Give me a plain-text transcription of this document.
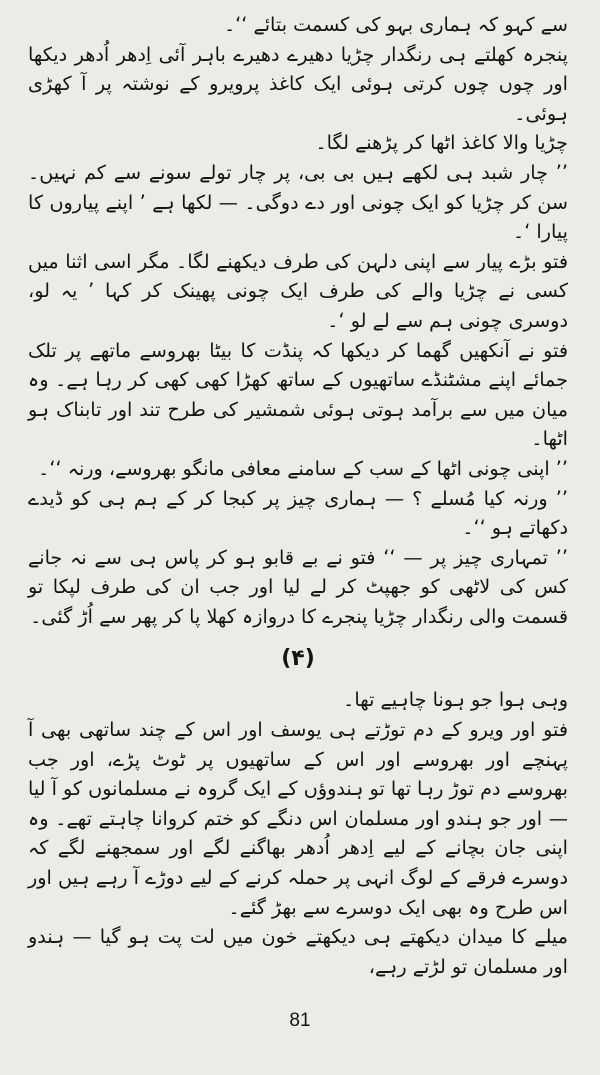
سے کہو کہ ہماری بہو کی کسمت بتائے ‘‘۔

پنجرہ کھلتے ہی رنگدار چڑیا دھیرے دھیرے باہر آئی اِدھر اُدھر دیکھا اور چوں چوں کرتی ہوئی ایک کاغذ پرویرو کے نوشتہ پر آ کھڑی ہوئی۔

چڑیا والا کاغذ اٹھا کر پڑھنے لگا۔

’’ چار شبد ہی لکھے ہیں بی بی، پر چار تولے سونے سے کم نہیں۔ سن کر چڑیا کو ایک چونی اور دے دوگی۔ — لکھا ہے ’ اپنے پیاروں کا پیارا ‘۔

فتو بڑے پیار سے اپنی دلہن کی طرف دیکھنے لگا۔ مگر اسی اثنا میں کسی نے چڑیا والے کی طرف ایک چونی پھینک کر کہا ’ یہ لو، دوسری چونی ہم سے لے لو ‘۔

فتو نے آنکھیں گھما کر دیکھا کہ پنڈت کا بیٹا بھروسے ماتھے پر تلک جمائے اپنے مشٹنڈے ساتھیوں کے ساتھ کھڑا کھی کھی کر رہا ہے۔ وہ میان میں سے برآمد ہوتی ہوئی شمشیر کی طرح تند اور تابناک ہو اٹھا۔

’’ اپنی چونی اٹھا کے سب کے سامنے معافی مانگو بھروسے، ورنہ ‘‘۔

’’ ورنہ کیا مُسلے ؟ — ہماری چیز پر کبجا کر کے ہم ہی کو ڈیدے دکھاتے ہو ‘‘۔

’’ تمہاری چیز پر — ‘‘ فتو نے بے قابو ہو کر پاس ہی سے نہ جانے کس کی لاٹھی کو جھپٹ کر لے لیا اور جب ان کی طرف لپکا تو قسمت والی رنگدار چڑیا پنجرے کا دروازہ کھلا پا کر پھر سے اُڑ گئی۔

(۴)

وہی ہوا جو ہونا چاہیے تھا۔

فتو اور ویرو کے دم توڑتے ہی یوسف اور اس کے چند ساتھی بھی آ پہنچے اور بھروسے اور اس کے ساتھیوں پر ٹوٹ پڑے، اور جب بھروسے دم توڑ رہا تھا تو ہندوؤں کے ایک گروہ نے مسلمانوں کو آ لیا — اور جو ہندو اور مسلمان اس دنگے کو ختم کروانا چاہتے تھے۔ وہ اپنی جان بچانے کے لیے اِدھر اُدھر بھاگنے لگے اور سمجھنے لگے کہ دوسرے فرقے کے لوگ انہی پر حملہ کرنے کے لیے دوڑے آ رہے ہیں اور اس طرح وہ بھی ایک دوسرے سے بھڑ گئے۔

میلے کا میدان دیکھتے ہی دیکھتے خون میں لت پت ہو گیا — ہندو اور مسلمان تو لڑتے رہے،

81
